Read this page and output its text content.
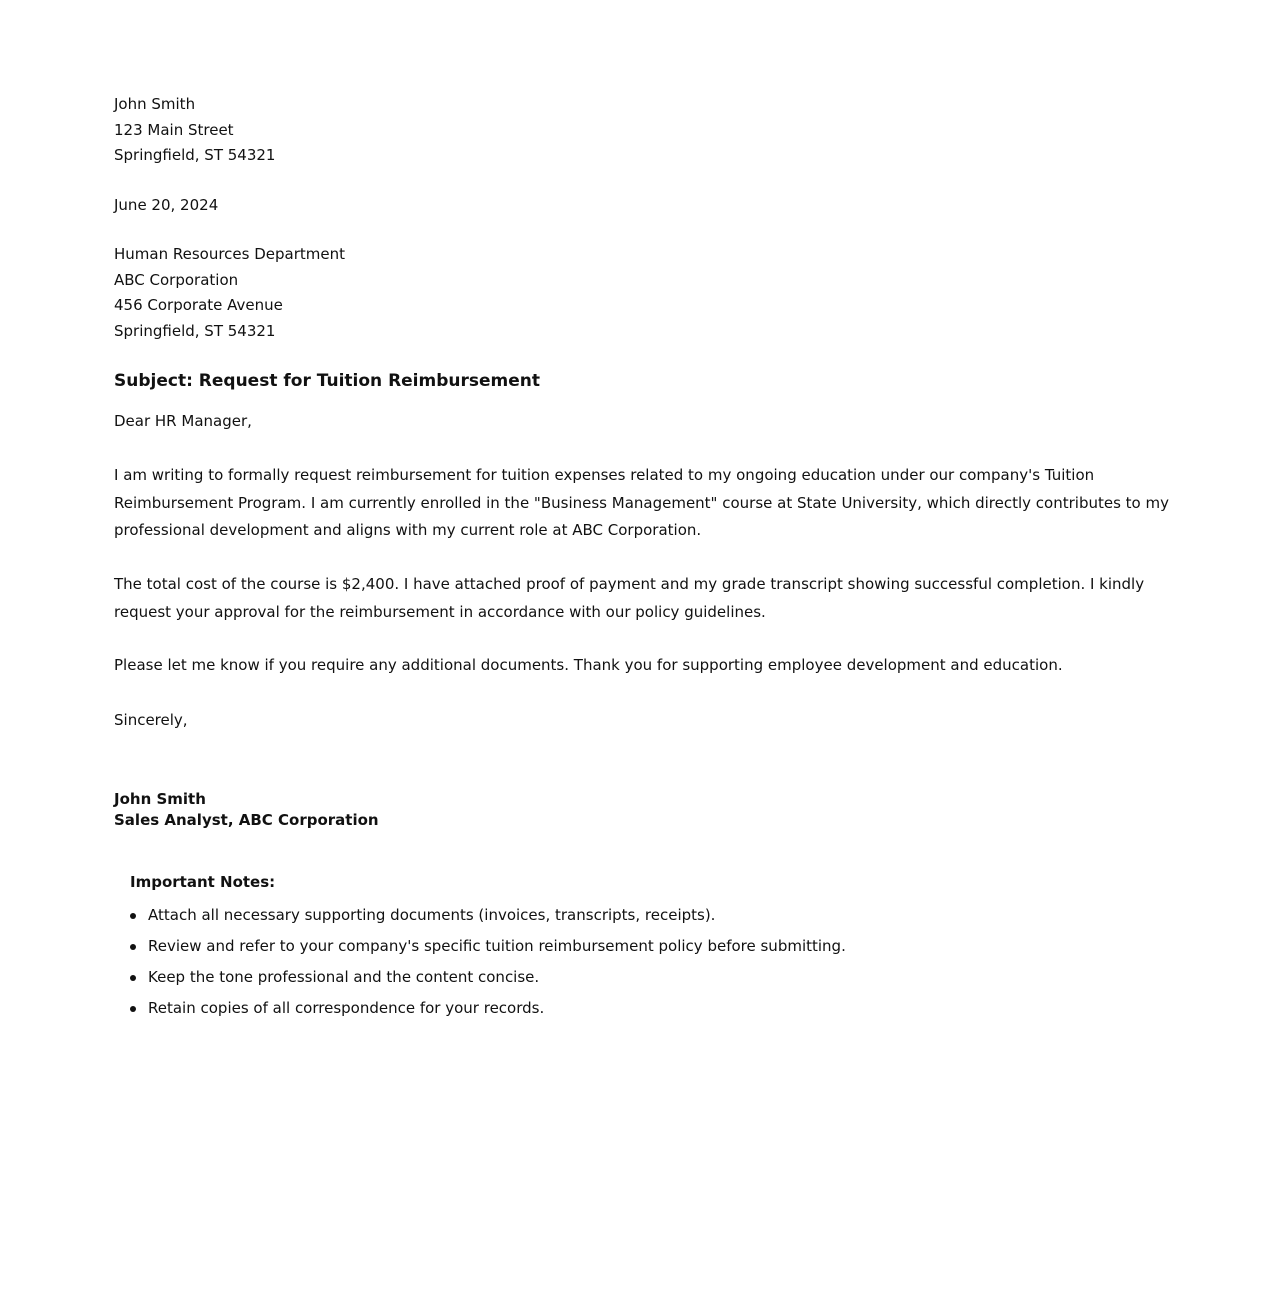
John Smith
123 Main Street
Springfield, ST 54321
June 20, 2024
Human Resources Department
ABC Corporation
456 Corporate Avenue
Springfield, ST 54321
Subject: Request for Tuition Reimbursement
Dear HR Manager,

I am writing to formally request reimbursement for tuition expenses related to my ongoing education under our company's Tuition Reimbursement Program. I am currently enrolled in the "Business Management" course at State University, which directly contributes to my professional development and aligns with my current role at ABC Corporation.

The total cost of the course is $2,400. I have attached proof of payment and my grade transcript showing successful completion. I kindly request your approval for the reimbursement in accordance with our policy guidelines.

Please let me know if you require any additional documents. Thank you for supporting employee development and education.

Sincerely,
John Smith
Sales Analyst, ABC Corporation
Important Notes:
Attach all necessary supporting documents (invoices, transcripts, receipts).
Review and refer to your company's specific tuition reimbursement policy before submitting.
Keep the tone professional and the content concise.
Retain copies of all correspondence for your records.
